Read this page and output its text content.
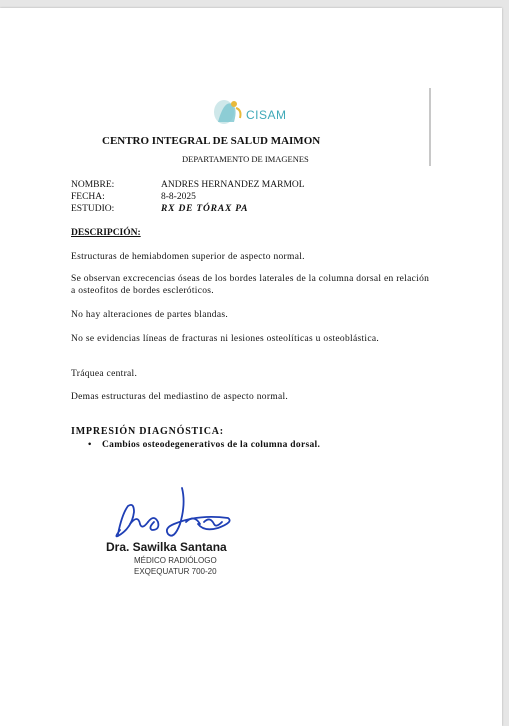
CISAM
CENTRO INTEGRAL DE SALUD MAIMON
DEPARTAMENTO DE IMAGENES
NOMBRE:	ANDRES HERNANDEZ MARMOL
FECHA:	8-8-2025
ESTUDIO:	RX DE TÓRAX PA
DESCRIPCIÓN:
Estructuras de hemiabdomen superior de aspecto normal.
Se observan excrecencias óseas de los bordes laterales de la columna dorsal en relación a osteofitos de bordes escleróticos.
No hay alteraciones de partes blandas.
No se evidencias líneas de fracturas ni lesiones osteolíticas u osteoblástica.
Tráquea central.
Demas estructuras del mediastino de aspecto normal.
IMPRESIÓN DIAGNÓSTICA:
• Cambios osteodegenerativos de la columna dorsal.
Dra. Sawilka Santana
MÉDICO RADIÓLOGO
EXQEQUATUR 700-20
